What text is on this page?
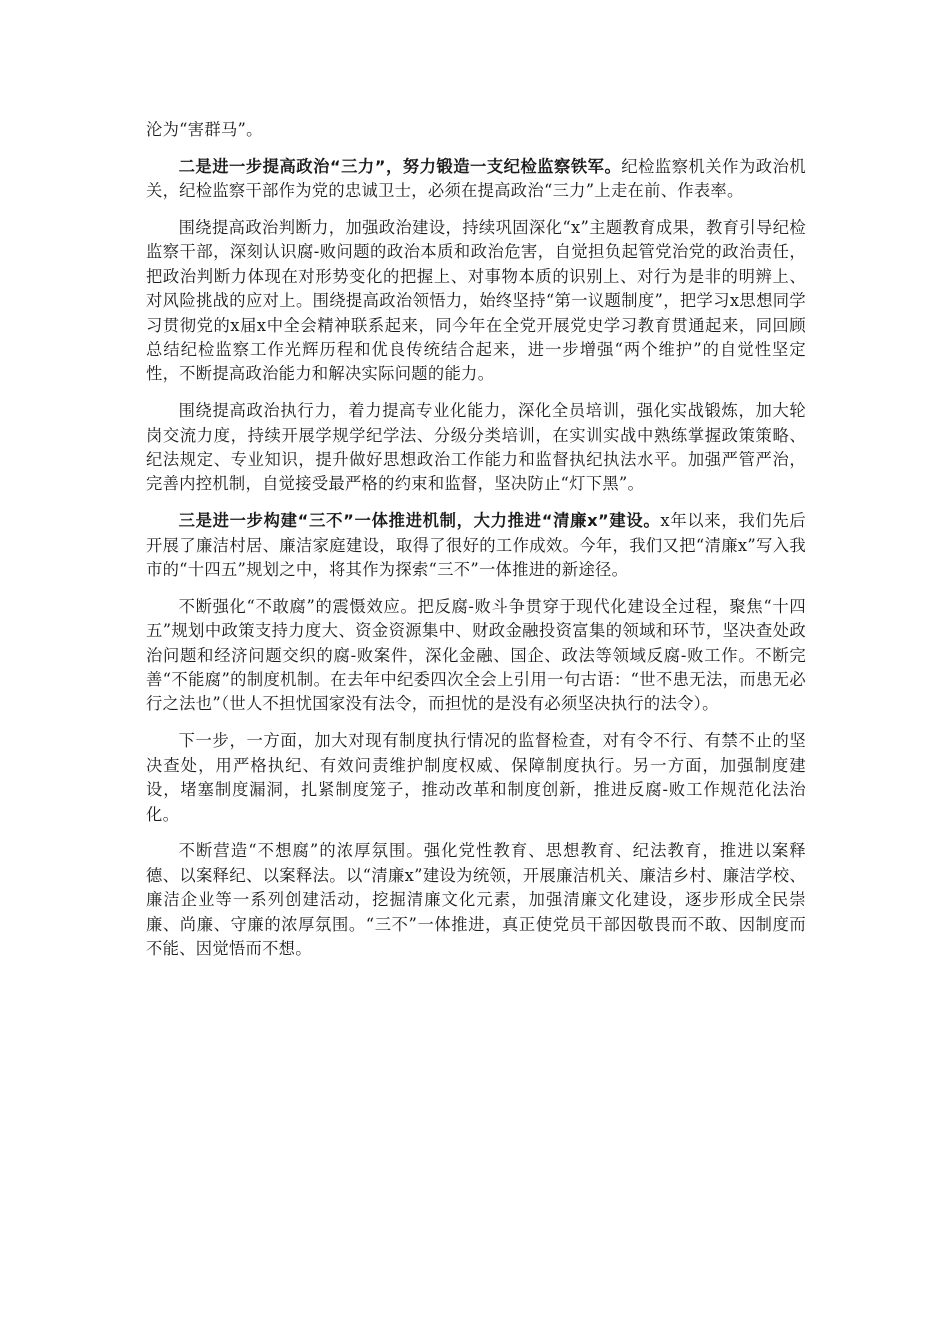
沦为“害群马”。

二是进一步提高政治“三力”，努力锻造一支纪检监察铁军。纪检监察机关作为政治机关，纪检监察干部作为党的忠诚卫士，必须在提高政治“三力”上走在前、作表率。

围绕提高政治判断力，加强政治建设，持续巩固深化“x”主题教育成果，教育引导纪检监察干部，深刻认识腐-败问题的政治本质和政治危害，自觉担负起管党治党的政治责任，把政治判断力体现在对形势变化的把握上、对事物本质的识别上、对行为是非的明辨上、对风险挑战的应对上。围绕提高政治领悟力，始终坚持“第一议题制度”，把学习x思想同学习贯彻党的x届x中全会精神联系起来，同今年在全党开展党史学习教育贯通起来，同回顾总结纪检监察工作光辉历程和优良传统结合起来，进一步增强“两个维护”的自觉性坚定性，不断提高政治能力和解决实际问题的能力。

围绕提高政治执行力，着力提高专业化能力，深化全员培训，强化实战锻炼，加大轮岗交流力度，持续开展学规学纪学法、分级分类培训，在实训实战中熟练掌握政策策略、纪法规定、专业知识，提升做好思想政治工作能力和监督执纪执法水平。加强严管严治，完善内控机制，自觉接受最严格的约束和监督，坚决防止“灯下黑”。

三是进一步构建“三不”一体推进机制，大力推进“清廉x”建设。x年以来，我们先后开展了廉洁村居、廉洁家庭建设，取得了很好的工作成效。今年，我们又把“清廉x”写入我市的“十四五”规划之中，将其作为探索“三不”一体推进的新途径。

不断强化“不敢腐”的震慑效应。把反腐-败斗争贯穿于现代化建设全过程，聚焦“十四五”规划中政策支持力度大、资金资源集中、财政金融投资富集的领域和环节，坚决查处政治问题和经济问题交织的腐-败案件，深化金融、国企、政法等领域反腐-败工作。不断完善“不能腐”的制度机制。在去年中纪委四次全会上引用一句古语：“世不患无法，而患无必行之法也”（世人不担忧国家没有法令，而担忧的是没有必须坚决执行的法令）。

下一步，一方面，加大对现有制度执行情况的监督检查，对有令不行、有禁不止的坚决查处，用严格执纪、有效问责维护制度权威、保障制度执行。另一方面，加强制度建设，堵塞制度漏洞，扎紧制度笼子，推动改革和制度创新，推进反腐-败工作规范化法治化。

不断营造“不想腐”的浓厚氛围。强化党性教育、思想教育、纪法教育，推进以案释德、以案释纪、以案释法。以“清廉x”建设为统领，开展廉洁机关、廉洁乡村、廉洁学校、廉洁企业等一系列创建活动，挖掘清廉文化元素，加强清廉文化建设，逐步形成全民崇廉、尚廉、守廉的浓厚氛围。“三不”一体推进，真正使党员干部因敬畏而不敢、因制度而不能、因觉悟而不想。
